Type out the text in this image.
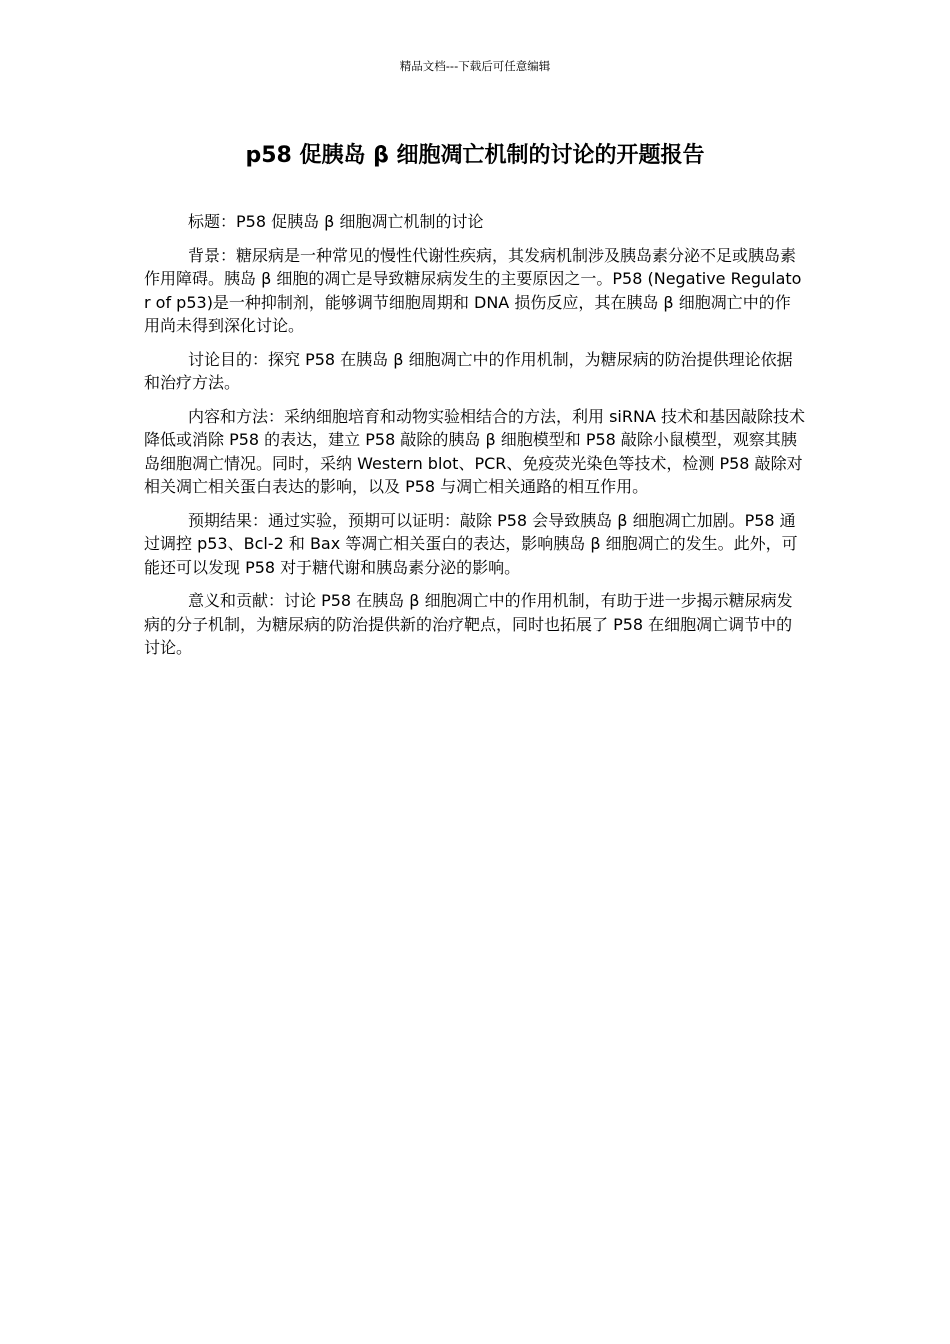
精品文档---下载后可任意编辑
p58 促胰岛 β 细胞凋亡机制的讨论的开题报告

标题：P58 促胰岛 β 细胞凋亡机制的讨论

背景：糖尿病是一种常见的慢性代谢性疾病，其发病机制涉及胰岛素分泌不足或胰岛素作用障碍。胰岛 β 细胞的凋亡是导致糖尿病发生的主要原因之一。P58 (Negative Regulator of p53)是一种抑制剂，能够调节细胞周期和 DNA 损伤反应，其在胰岛 β 细胞凋亡中的作用尚未得到深化讨论。

讨论目的：探究 P58 在胰岛 β 细胞凋亡中的作用机制，为糖尿病的防治提供理论依据和治疗方法。

内容和方法：采纳细胞培育和动物实验相结合的方法，利用 siRNA 技术和基因敲除技术降低或消除 P58 的表达，建立 P58 敲除的胰岛 β 细胞模型和 P58 敲除小鼠模型，观察其胰岛细胞凋亡情况。同时，采纳 Western blot、PCR、免疫荧光染色等技术，检测 P58 敲除对相关凋亡相关蛋白表达的影响，以及 P58 与凋亡相关通路的相互作用。

预期结果：通过实验，预期可以证明：敲除 P58 会导致胰岛 β 细胞凋亡加剧。P58 通过调控 p53、Bcl-2 和 Bax 等凋亡相关蛋白的表达，影响胰岛 β 细胞凋亡的发生。此外，可能还可以发现 P58 对于糖代谢和胰岛素分泌的影响。

意义和贡献：讨论 P58 在胰岛 β 细胞凋亡中的作用机制，有助于进一步揭示糖尿病发病的分子机制，为糖尿病的防治提供新的治疗靶点，同时也拓展了 P58 在细胞凋亡调节中的讨论。
